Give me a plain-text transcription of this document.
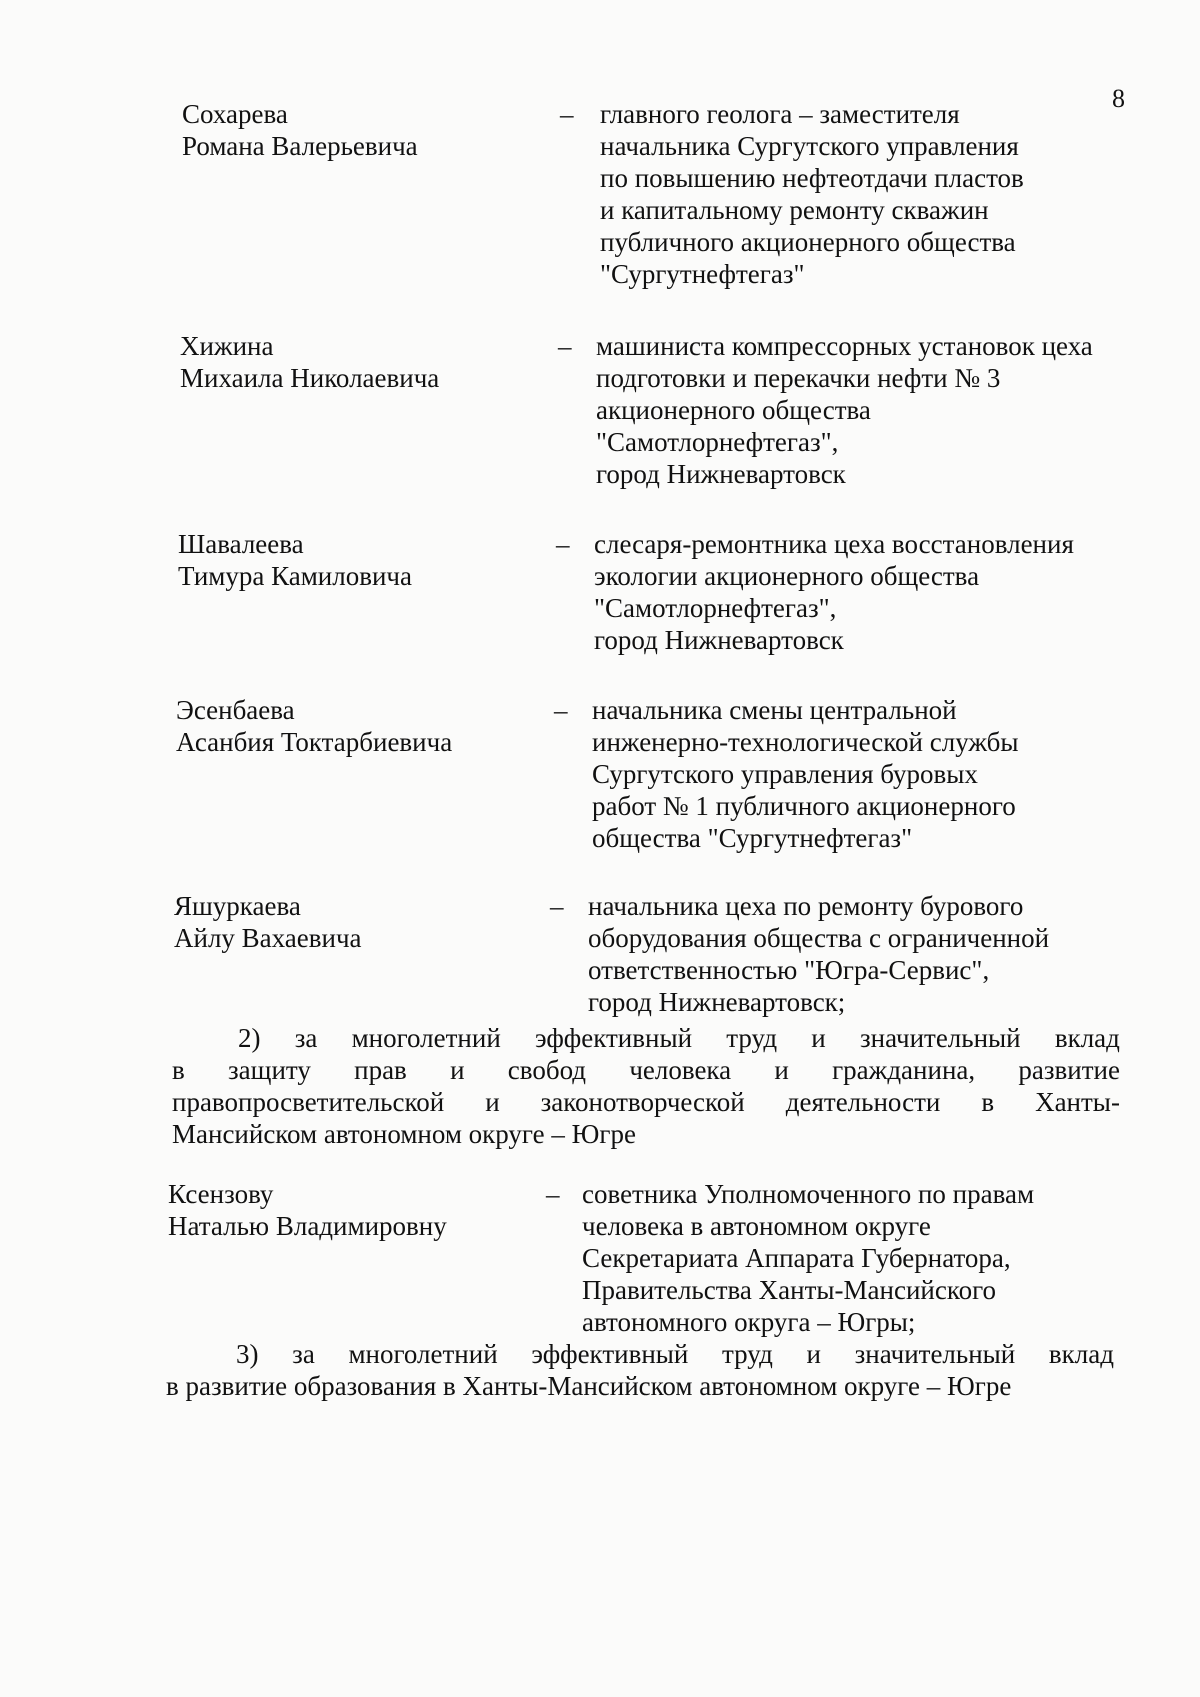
8
Сохарева
Романа Валерьевича
– главного геолога – заместителя
начальника Сургутского управления
по повышению нефтеотдачи пластов
и капитальному ремонту скважин
публичного акционерного общества
"Сургутнефтегаз"
Хижина
Михаила Николаевича
– машиниста компрессорных установок цеха
подготовки и перекачки нефти № 3
акционерного общества
"Самотлорнефтегаз",
город Нижневартовск
Шавалеева
Тимура Камиловича
– слесаря-ремонтника цеха восстановления
экологии акционерного общества
"Самотлорнефтегаз",
город Нижневартовск
Эсенбаева
Асанбия Токтарбиевича
– начальника смены центральной
инженерно-технологической службы
Сургутского управления буровых
работ № 1 публичного акционерного
общества "Сургутнефтегаз"
Яшуркаева
Айлу Вахаевича
– начальника цеха по ремонту бурового
оборудования общества с ограниченной
ответственностью "Югра-Сервис",
город Нижневартовск;
2) за многолетний эффективный труд и значительный вклад
в защиту прав и свобод человека и гражданина, развитие
правопросветительской и законотворческой деятельности в Ханты-
Мансийском автономном округе – Югре
Ксензову
Наталью Владимировну
– советника Уполномоченного по правам
человека в автономном округе
Секретариата Аппарата Губернатора,
Правительства Ханты-Мансийского
автономного округа – Югры;
3) за многолетний эффективный труд и значительный вклад
в развитие образования в Ханты-Мансийском автономном округе – Югре
